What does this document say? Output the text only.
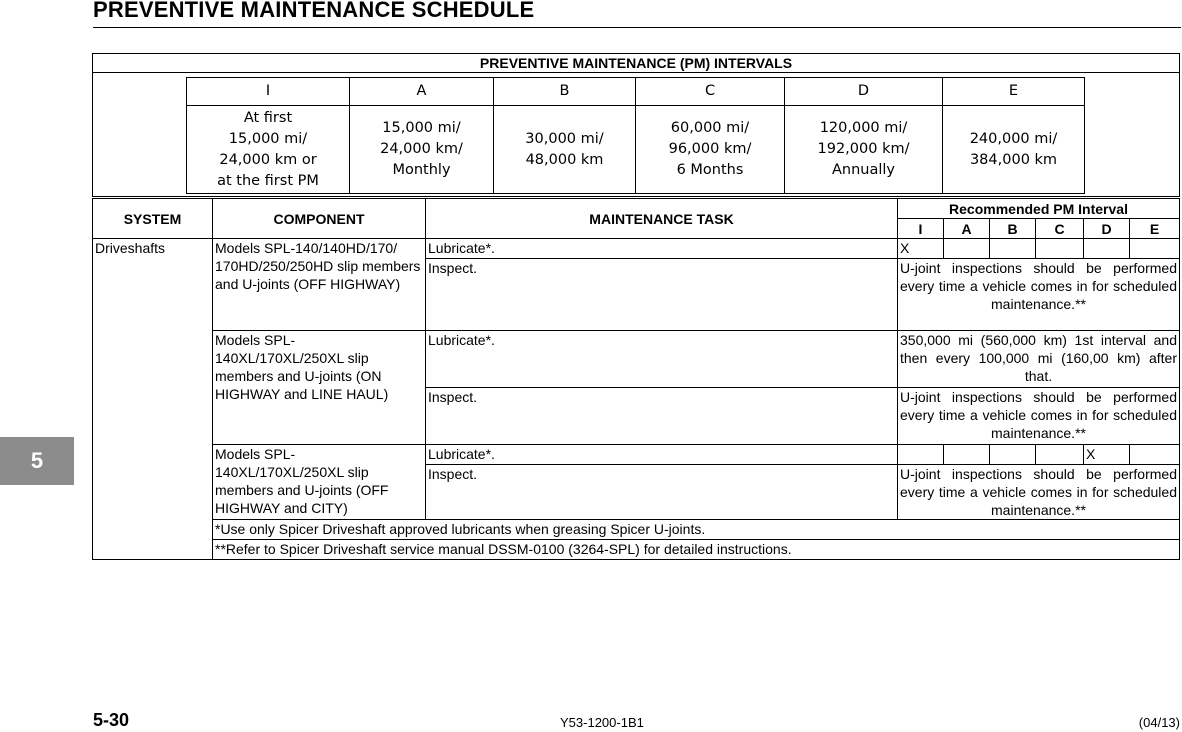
PREVENTIVE MAINTENANCE SCHEDULE
5
PREVENTIVE MAINTENANCE (PM) INTERVALS
I	A	B	C	D	E
At first
15,000 mi/
24,000 km or
at the first PM	15,000 mi/
24,000 km/
Monthly	30,000 mi/
48,000 km	60,000 mi/
96,000 km/
6 Months	120,000 mi/
192,000 km/
Annually	240,000 mi/
384,000 km
SYSTEM	COMPONENT	MAINTENANCE TASK	Recommended PM Interval					
			I	A	B	C	D	E
Driveshafts	Models SPL-140/140HD/170/ 170HD/250/250HD slip members and U-joints (OFF HIGHWAY)	Lubricate*.	X					
		Inspect.	U-joint inspections should be performed every time a vehicle comes in for scheduled maintenance.**					
	Models SPL-140XL/170XL/250XL slip members and U-joints (ON HIGHWAY and LINE HAUL)	Lubricate*.	350,000 mi (560,000 km) 1st interval and then every 100,000 mi (160,00 km) after that.					
		Inspect.	U-joint inspections should be performed every time a vehicle comes in for scheduled maintenance.**					
	Models SPL-140XL/170XL/250XL slip members and U-joints (OFF HIGHWAY and CITY)	Lubricate*.					X	
		Inspect.	U-joint inspections should be performed every time a vehicle comes in for scheduled maintenance.**					
	*Use only Spicer Driveshaft approved lubricants when greasing Spicer U-joints.							
	**Refer to Spicer Driveshaft service manual DSSM-0100 (3264-SPL) for detailed instructions.							
5-30	Y53-1200-1B1	(04/13)
